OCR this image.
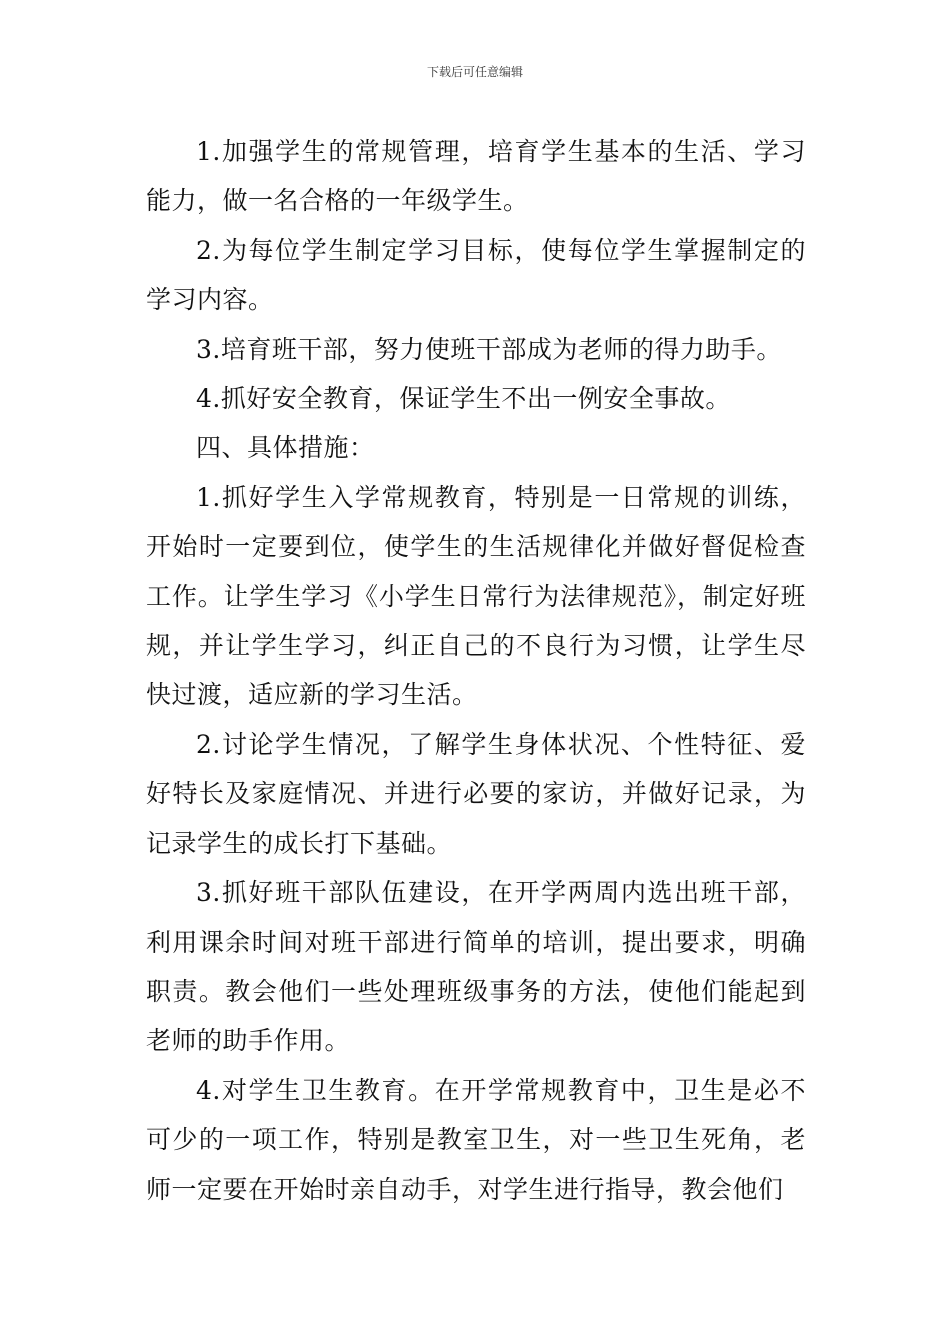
下载后可任意编辑

1.加强学生的常规管理，培育学生基本的生活、学习能力，做一名合格的一年级学生。

2.为每位学生制定学习目标，使每位学生掌握制定的学习内容。

3.培育班干部，努力使班干部成为老师的得力助手。

4.抓好安全教育，保证学生不出一例安全事故。

四、具体措施：

1.抓好学生入学常规教育，特别是一日常规的训练，开始时一定要到位，使学生的生活规律化并做好督促检查工作。让学生学习《小学生日常行为法律规范》，制定好班规，并让学生学习，纠正自己的不良行为习惯，让学生尽快过渡，适应新的学习生活。

2.讨论学生情况，了解学生身体状况、个性特征、爱好特长及家庭情况、并进行必要的家访，并做好记录，为记录学生的成长打下基础。

3.抓好班干部队伍建设，在开学两周内选出班干部，利用课余时间对班干部进行简单的培训，提出要求，明确职责。教会他们一些处理班级事务的方法，使他们能起到老师的助手作用。

4.对学生卫生教育。在开学常规教育中，卫生是必不可少的一项工作，特别是教室卫生，对一些卫生死角，老师一定要在开始时亲自动手，对学生进行指导，教会他们
